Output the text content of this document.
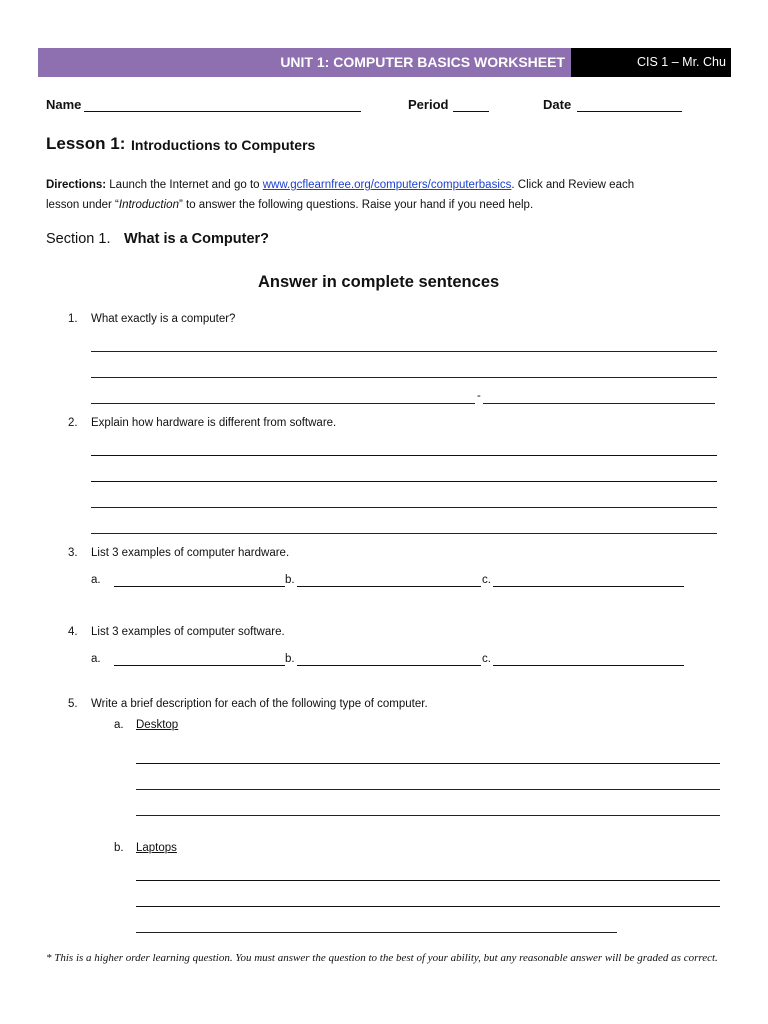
UNIT 1: COMPUTER BASICS WORKSHEET	CIS 1 – Mr. Chu
Name	Period	Date
Lesson 1: Introductions to Computers
Directions: Launch the Internet and go to www.gcflearnfree.org/computers/computerbasics. Click and Review each
lesson under “Introduction” to answer the following questions. Raise your hand if you need help.
Section 1. What is a Computer?
Answer in complete sentences
1. What exactly is a computer?
-
2. Explain how hardware is different from software.
3. List 3 examples of computer hardware.
a.	b.	c.
4. List 3 examples of computer software.
a.	b.	c.
5. Write a brief description for each of the following type of computer.
a. Desktop
b. Laptops
* This is a higher order learning question. You must answer the question to the best of your ability, but any reasonable answer will be graded as correct.
